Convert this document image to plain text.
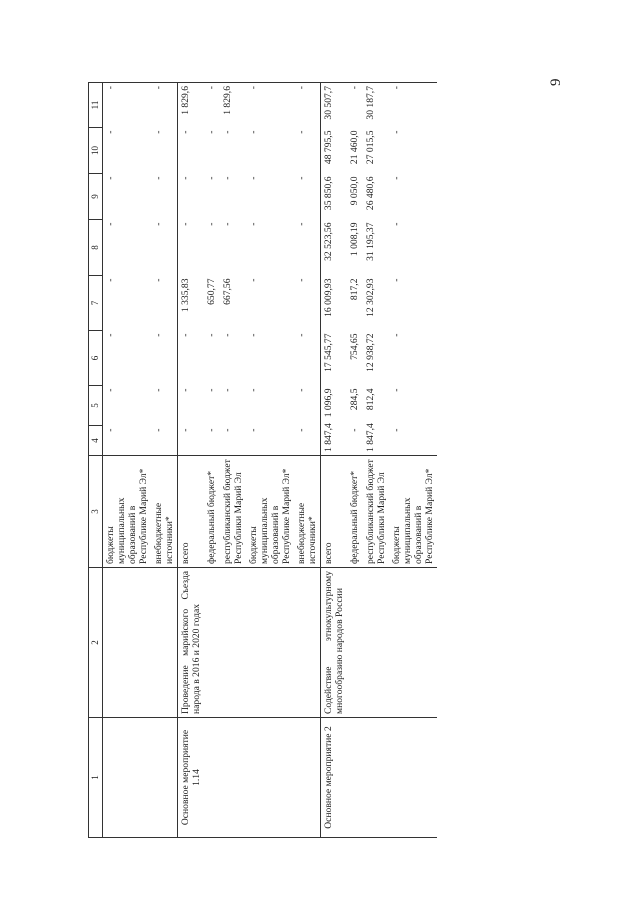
9
1	2	3	4	5	6	7	8	9	10	11
		бюджеты муниципальных образований в Республике Марий Эл*	-	-	-	-	-	-	-	-
		внебюджетные источники*	-	-	-	-	-	-	-	-
Основное мероприятие 1.14	Проведение марийского Съезда народа в 2016 и 2020 годах	всего	-	-	-	1 335,83	-	-	-	1 829,6
		федеральный бюджет*	-	-	-	650,77	-	-	-	-
		республиканский бюджет Республики Марий Эл	-	-	-	667,56	-	-	-	1 829,6
		бюджеты муниципальных образований в Республике Марий Эл*	-	-	-	-	-	-	-	-
		внебюджетные источники*	-	-	-	-	-	-	-	-
Основное мероприятие 2	Содействие этнокультурному многообразию народов России	всего	1 847,4	1 096,9	17 545,77	16 009,93	32 523,56	35 850,6	48 795,5	30 507,7
		федеральный бюджет*	-	284,5	754,65	817,2	1 008,19	9 050,0	21 460,0	-
		республиканский бюджет Республики Марий Эл	1 847,4	812,4	12 938,72	12 302,93	31 195,37	26 480,6	27 015,5	30 187,7
		бюджеты муниципальных образований в Республике Марий Эл*	-	-	-	-	-	-	-	-
